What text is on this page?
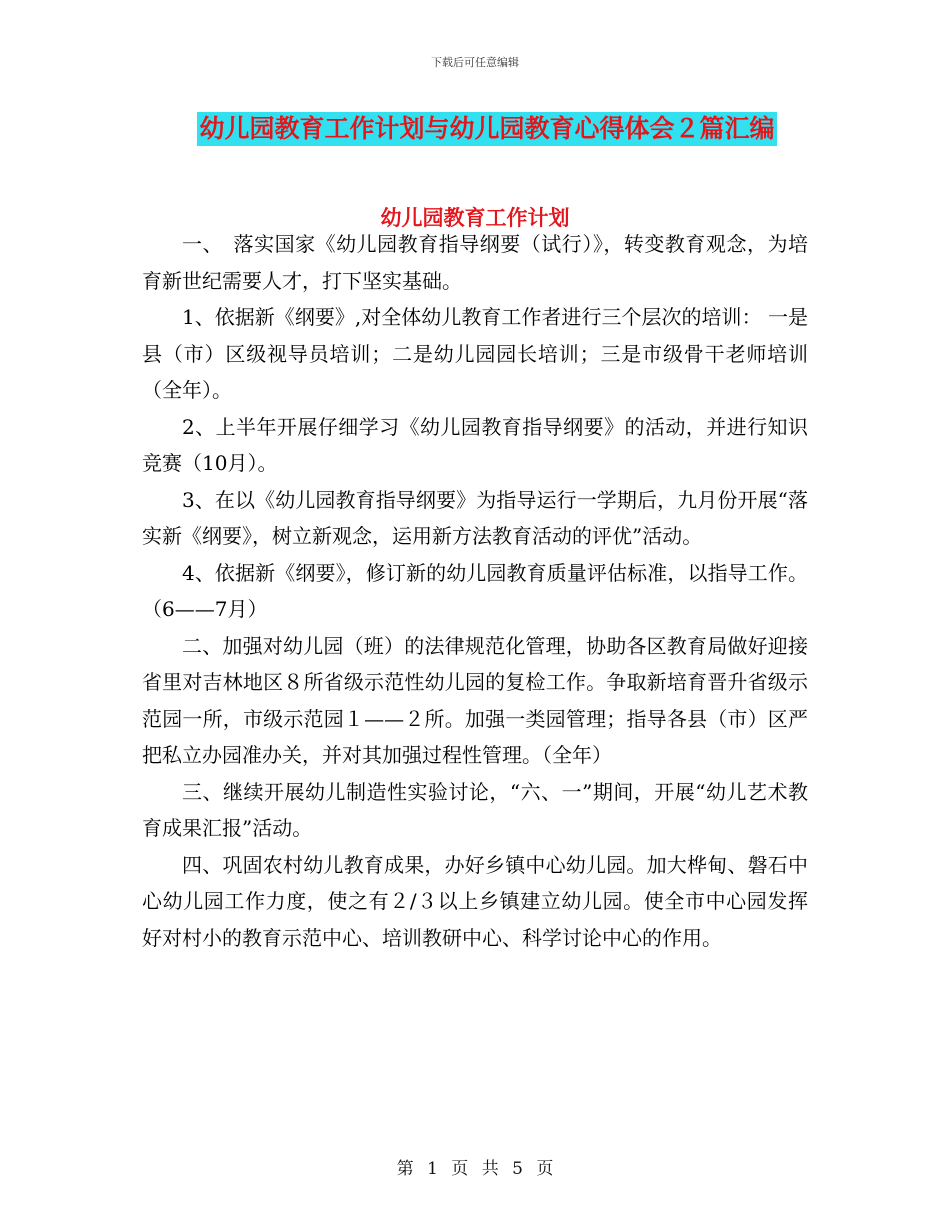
下载后可任意编辑
幼儿园教育工作计划与幼儿园教育心得体会２篇汇编
幼儿园教育工作计划

一、　落实国家《幼儿园教育指导纲要（试行）》，转变教育观念，为培育新世纪需要人才，打下坚实基础。

1、依据新《纲要》,对全体幼儿教育工作者进行三个层次的培训： 一是县（市）区级视导员培训；二是幼儿园园长培训；三是市级骨干老师培训（全年）。

2、上半年开展仔细学习《幼儿园教育指导纲要》的活动，并进行知识竞赛（10月）。

3、在以《幼儿园教育指导纲要》为指导运行一学期后，九月份开展“落实新《纲要》，树立新观念，运用新方法教育活动的评优”活动。

4、依据新《纲要》，修订新的幼儿园教育质量评估标准，以指导工作。 （6——7月）

二、加强对幼儿园（班）的法律规范化管理，协助各区教育局做好迎接省里对吉林地区８所省级示范性幼儿园的复检工作。争取新培育晋升省级示范园一所，市级示范园１——２所。加强一类园管理；指导各县（市）区严把私立办园准办关，并对其加强过程性管理。（全年）

三、继续开展幼儿制造性实验讨论，“六、一”期间，开展“幼儿艺术教育成果汇报”活动。

四、巩固农村幼儿教育成果，办好乡镇中心幼儿园。加大桦甸、磐石中心幼儿园工作力度，使之有２/３以上乡镇建立幼儿园。使全市中心园发挥好对村小的教育示范中心、培训教研中心、科学讨论中心的作用。

第 1 页 共 5 页
